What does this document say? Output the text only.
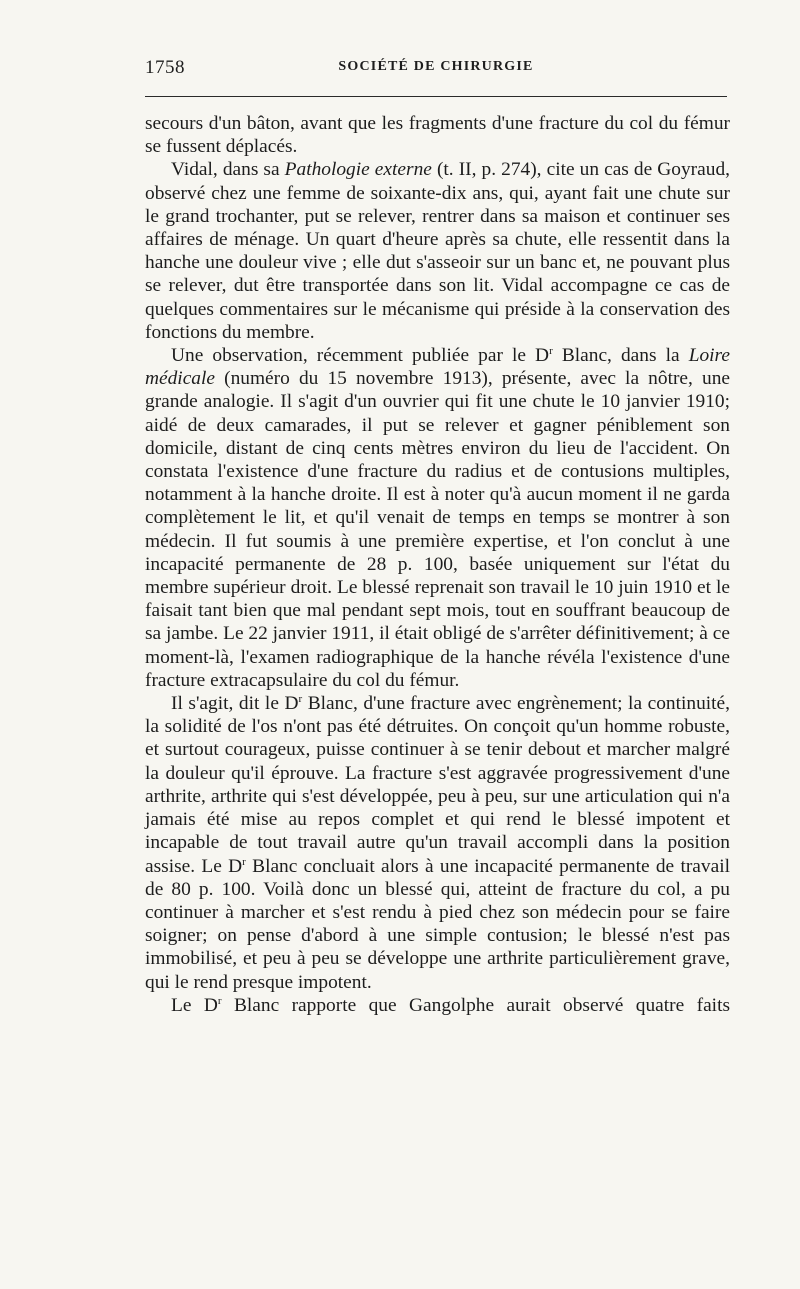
1758	SOCIÉTÉ DE CHIRURGIE

secours d'un bâton, avant que les fragments d'une fracture du col du fémur se fussent déplacés.

Vidal, dans sa Pathologie externe (t. II, p. 274), cite un cas de Goyraud, observé chez une femme de soixante-dix ans, qui, ayant fait une chute sur le grand trochanter, put se relever, rentrer dans sa maison et continuer ses affaires de ménage. Un quart d'heure après sa chute, elle ressentit dans la hanche une douleur vive ; elle dut s'asseoir sur un banc et, ne pouvant plus se relever, dut être transportée dans son lit. Vidal accompagne ce cas de quelques commentaires sur le mécanisme qui préside à la conservation des fonctions du membre.

Une observation, récemment publiée par le $D^r$ Blanc, dans la Loire médicale (numéro du 15 novembre 1913), présente, avec la nôtre, une grande analogie. Il s'agit d'un ouvrier qui fit une chute le 10 janvier 1910; aidé de deux camarades, il put se relever et gagner péniblement son domicile, distant de cinq cents mètres environ du lieu de l'accident. On constata l'existence d'une fracture du radius et de contusions multiples, notamment à la hanche droite. Il est à noter qu'à aucun moment il ne garda complètement le lit, et qu'il venait de temps en temps se montrer à son médecin. Il fut soumis à une première expertise, et l'on conclut à une incapacité permanente de 28 p. 100, basée uniquement sur l'état du membre supérieur droit. Le blessé reprenait son travail le 10 juin 1910 et le faisait tant bien que mal pendant sept mois, tout en souffrant beaucoup de sa jambe. Le 22 janvier 1911, il était obligé de s'arrêter définitivement; à ce moment-là, l'examen radiographique de la hanche révéla l'existence d'une fracture extracapsulaire du col du fémur.

Il s'agit, dit le $D^r$ Blanc, d'une fracture avec engrènement; la continuité, la solidité de l'os n'ont pas été détruites. On conçoit qu'un homme robuste, et surtout courageux, puisse continuer à se tenir debout et marcher malgré la douleur qu'il éprouve. La fracture s'est aggravée progressivement d'une arthrite, arthrite qui s'est développée, peu à peu, sur une articulation qui n'a jamais été mise au repos complet et qui rend le blessé impotent et incapable de tout travail autre qu'un travail accompli dans la position assise. Le $D^r$ Blanc concluait alors à une incapacité permanente de travail de 80 p. 100. Voilà donc un blessé qui, atteint de fracture du col, a pu continuer à marcher et s'est rendu à pied chez son médecin pour se faire soigner; on pense d'abord à une simple contusion; le blessé n'est pas immobilisé, et peu à peu se développe une arthrite particulièrement grave, qui le rend presque impotent.

Le $D^r$ Blanc rapporte que Gangolphe aurait observé quatre faits
